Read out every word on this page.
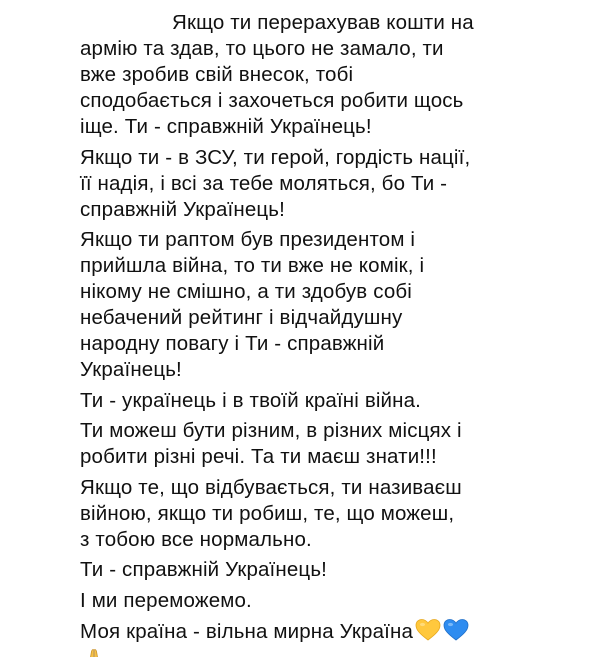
Якщо ти перерахував кошти на
армію та здав, то цього не замало, ти
вже зробив свій внесок, тобі
сподобається і захочеться робити щось
іще. Ти - справжній Українець!

Якщо ти - в ЗСУ, ти герой, гордість нації,
її надія, і всі за тебе моляться, бо Ти -
справжній Українець!

Якщо ти раптом був президентом і
прийшла війна, то ти вже не комік, і
нікому не смішно, а ти здобув собі
небачений рейтинг і відчайдушну
народну повагу і Ти - справжній
Українець!

Ти - українець і в твоїй країні війна.

Ти можеш бути різним, в різних місцях і
робити різні речі. Та ти маєш знати!!!

Якщо те, що відбувається, ти називаєш
війною, якщо ти робиш, те, що можеш,
з тобою все нормально.

Ти - справжній Українець!

І ми переможемо.

Моя країна - вільна мирна Україна
